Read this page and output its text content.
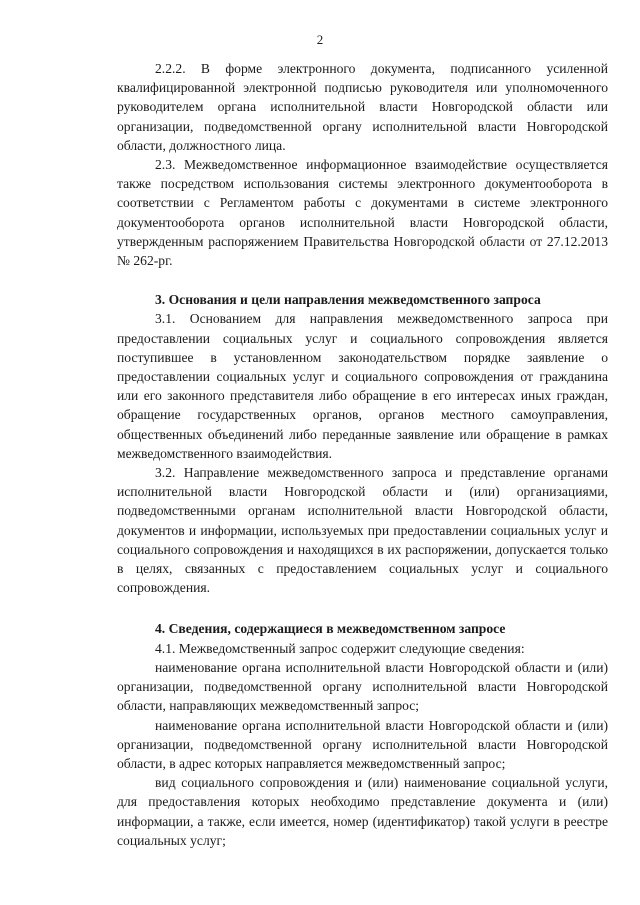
2

2.2.2. В форме электронного документа, подписанного усиленной квалифицированной электронной подписью руководителя или уполномоченного руководителем органа исполнительной власти Новгородской области или организации, подведомственной органу исполнительной власти Новгородской области, должностного лица.

2.3. Межведомственное информационное взаимодействие осуществляется также посредством использования системы электронного документооборота в соответствии с Регламентом работы с документами в системе электронного документооборота органов исполнительной власти Новгородской области, утвержденным распоряжением Правительства Новгородской области от 27.12.2013 № 262-рг.

3. Основания и цели направления межведомственного запроса

3.1. Основанием для направления межведомственного запроса при предоставлении социальных услуг и социального сопровождения является поступившее в установленном законодательством порядке заявление о предоставлении социальных услуг и социального сопровождения от гражданина или его законного представителя либо обращение в его интересах иных граждан, обращение государственных органов, органов местного самоуправления, общественных объединений либо переданные заявление или обращение в рамках межведомственного взаимодействия.

3.2. Направление межведомственного запроса и представление органами исполнительной власти Новгородской области и (или) организациями, подведомственными органам исполнительной власти Новгородской области, документов и информации, используемых при предоставлении социальных услуг и социального сопровождения и находящихся в их распоряжении, допускается только в целях, связанных с предоставлением социальных услуг и социального сопровождения.

4. Сведения, содержащиеся в межведомственном запросе

4.1. Межведомственный запрос содержит следующие сведения:

наименование органа исполнительной власти Новгородской области и (или) организации, подведомственной органу исполнительной власти Новгородской области, направляющих межведомственный запрос;

наименование органа исполнительной власти Новгородской области и (или) организации, подведомственной органу исполнительной власти Новгородской области, в адрес которых направляется межведомственный запрос;

вид социального сопровождения и (или) наименование социальной услуги, для предоставления которых необходимо представление документа и (или) информации, а также, если имеется, номер (идентификатор) такой услуги в реестре социальных услуг;
